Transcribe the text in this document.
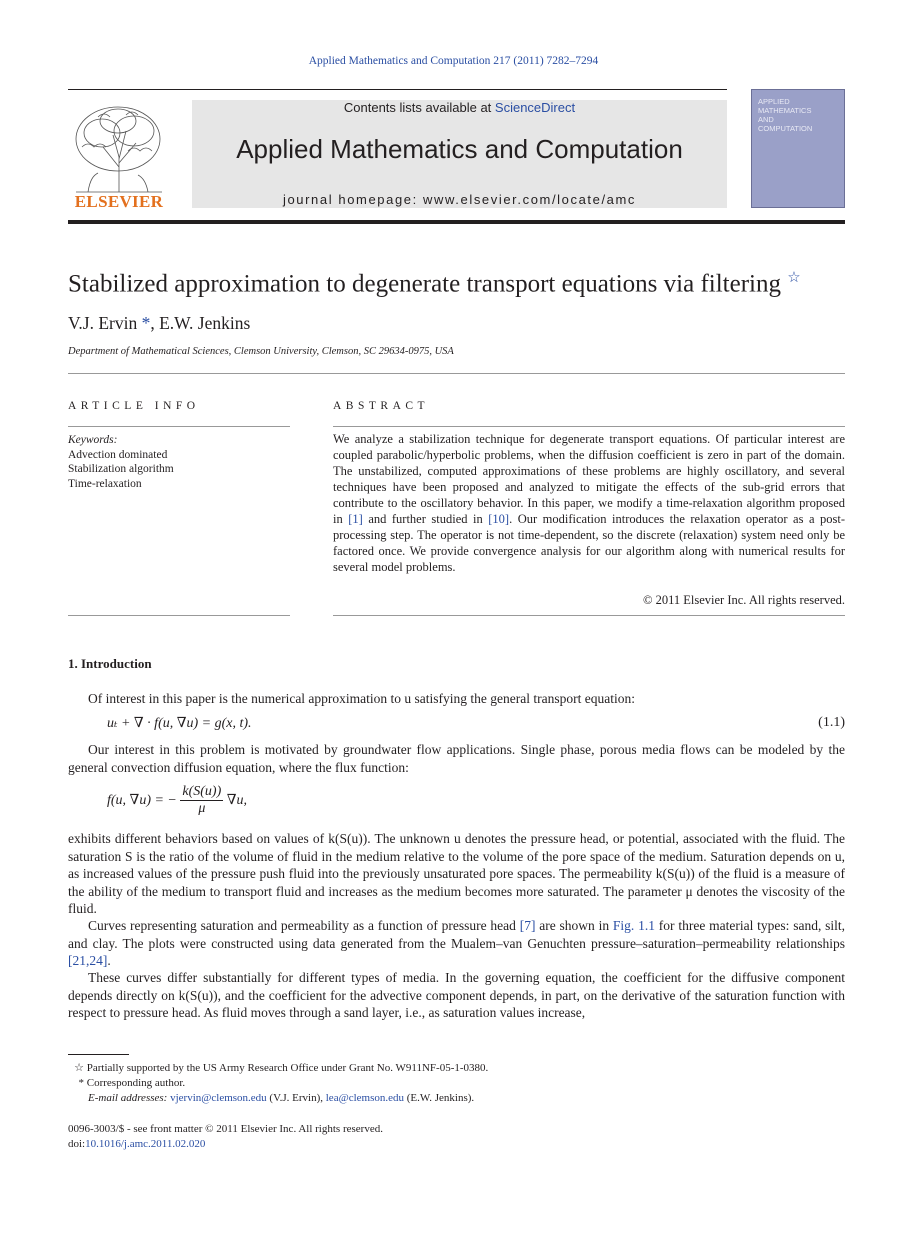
Applied Mathematics and Computation 217 (2011) 7282–7294
ELSEVIER
Contents lists available at ScienceDirect
Applied Mathematics and Computation
journal homepage: www.elsevier.com/locate/amc
APPLIED
MATHEMATICS
AND
COMPUTATION
Stabilized approximation to degenerate transport equations via filtering ☆
V.J. Ervin *, E.W. Jenkins
Department of Mathematical Sciences, Clemson University, Clemson, SC 29634-0975, USA
ARTICLE INFO
Keywords:
Advection dominated
Stabilization algorithm
Time-relaxation
ABSTRACT
We analyze a stabilization technique for degenerate transport equations. Of particular interest are coupled parabolic/hyperbolic problems, when the diffusion coefficient is zero in part of the domain. The unstabilized, computed approximations of these problems are highly oscillatory, and several techniques have been proposed and analyzed to mitigate the effects of the sub-grid errors that contribute to the oscillatory behavior. In this paper, we modify a time-relaxation algorithm proposed in [1] and further studied in [10]. Our modification introduces the relaxation operator as a post-processing step. The operator is not time-dependent, so the discrete (relaxation) system need only be factored once. We provide convergence analysis for our algorithm along with numerical results for several model problems.
© 2011 Elsevier Inc. All rights reserved.
1. Introduction
Of interest in this paper is the numerical approximation to u satisfying the general transport equation:
uₜ + ∇ · f(u, ∇u) = g(x, t).	(1.1)
Our interest in this problem is motivated by groundwater flow applications. Single phase, porous media flows can be modeled by the general convection diffusion equation, where the flux function:
f(u, ∇u) = − $\frac{k(S(u))}{\mu} \nabla u$,
exhibits different behaviors based on values of k(S(u)). The unknown u denotes the pressure head, or potential, associated with the fluid. The saturation S is the ratio of the volume of fluid in the medium relative to the volume of the pore space of the medium. Saturation depends on u, as increased values of the pressure push fluid into the previously unsaturated pore spaces. The permeability k(S(u)) of the fluid is a measure of the ability of the medium to transport fluid and increases as the medium becomes more saturated. The parameter μ denotes the viscosity of the fluid.
Curves representing saturation and permeability as a function of pressure head [7] are shown in Fig. 1.1 for three material types: sand, silt, and clay. The plots were constructed using data generated from the Mualem–van Genuchten pressure–saturation–permeability relationships [21,24].
These curves differ substantially for different types of media. In the governing equation, the coefficient for the diffusive component depends directly on k(S(u)), and the coefficient for the advective component depends, in part, on the derivative of the saturation function with respect to pressure head. As fluid moves through a sand layer, i.e., as saturation values increase,
☆ Partially supported by the US Army Research Office under Grant No. W911NF-05-1-0380.
* Corresponding author.
E-mail addresses: vjervin@clemson.edu (V.J. Ervin), lea@clemson.edu (E.W. Jenkins).
0096-3003/$ - see front matter © 2011 Elsevier Inc. All rights reserved.
doi:10.1016/j.amc.2011.02.020
